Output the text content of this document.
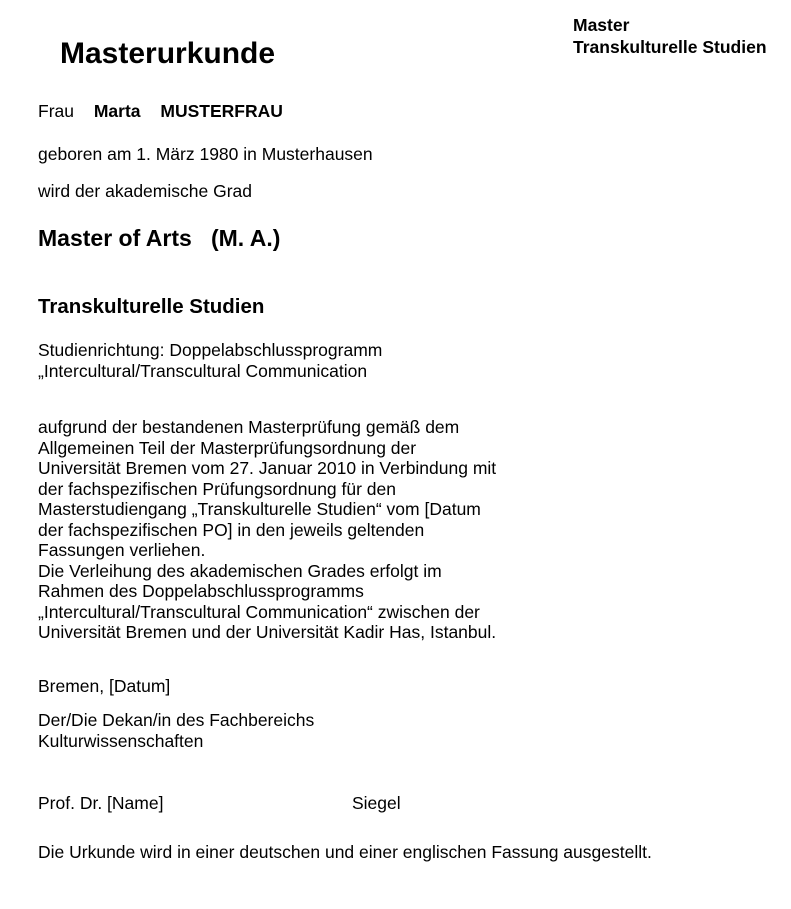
Master
Transkulturelle Studien
Masterurkunde
Frau Marta MUSTERFRAU
geboren am 1. März 1980 in Musterhausen
wird der akademische Grad
Master of Arts   (M. A.)
Transkulturelle Studien
Studienrichtung: Doppelabschlussprogramm
„Intercultural/Transcultural Communication
aufgrund der bestandenen Masterprüfung gemäß dem
Allgemeinen Teil der Masterprüfungsordnung der
Universität Bremen vom 27. Januar 2010 in Verbindung mit
der fachspezifischen Prüfungsordnung für den
Masterstudiengang „Transkulturelle Studien“ vom [Datum
der fachspezifischen PO] in den jeweils geltenden
Fassungen verliehen.
Die Verleihung des akademischen Grades erfolgt im
Rahmen des Doppelabschlussprogramms
„Intercultural/Transcultural Communication“ zwischen der
Universität Bremen und der Universität Kadir Has, Istanbul.
Bremen, [Datum]
Der/Die Dekan/in des Fachbereichs
Kulturwissenschaften
Prof. Dr. [Name]	Siegel
Die Urkunde wird in einer deutschen und einer englischen Fassung ausgestellt.
